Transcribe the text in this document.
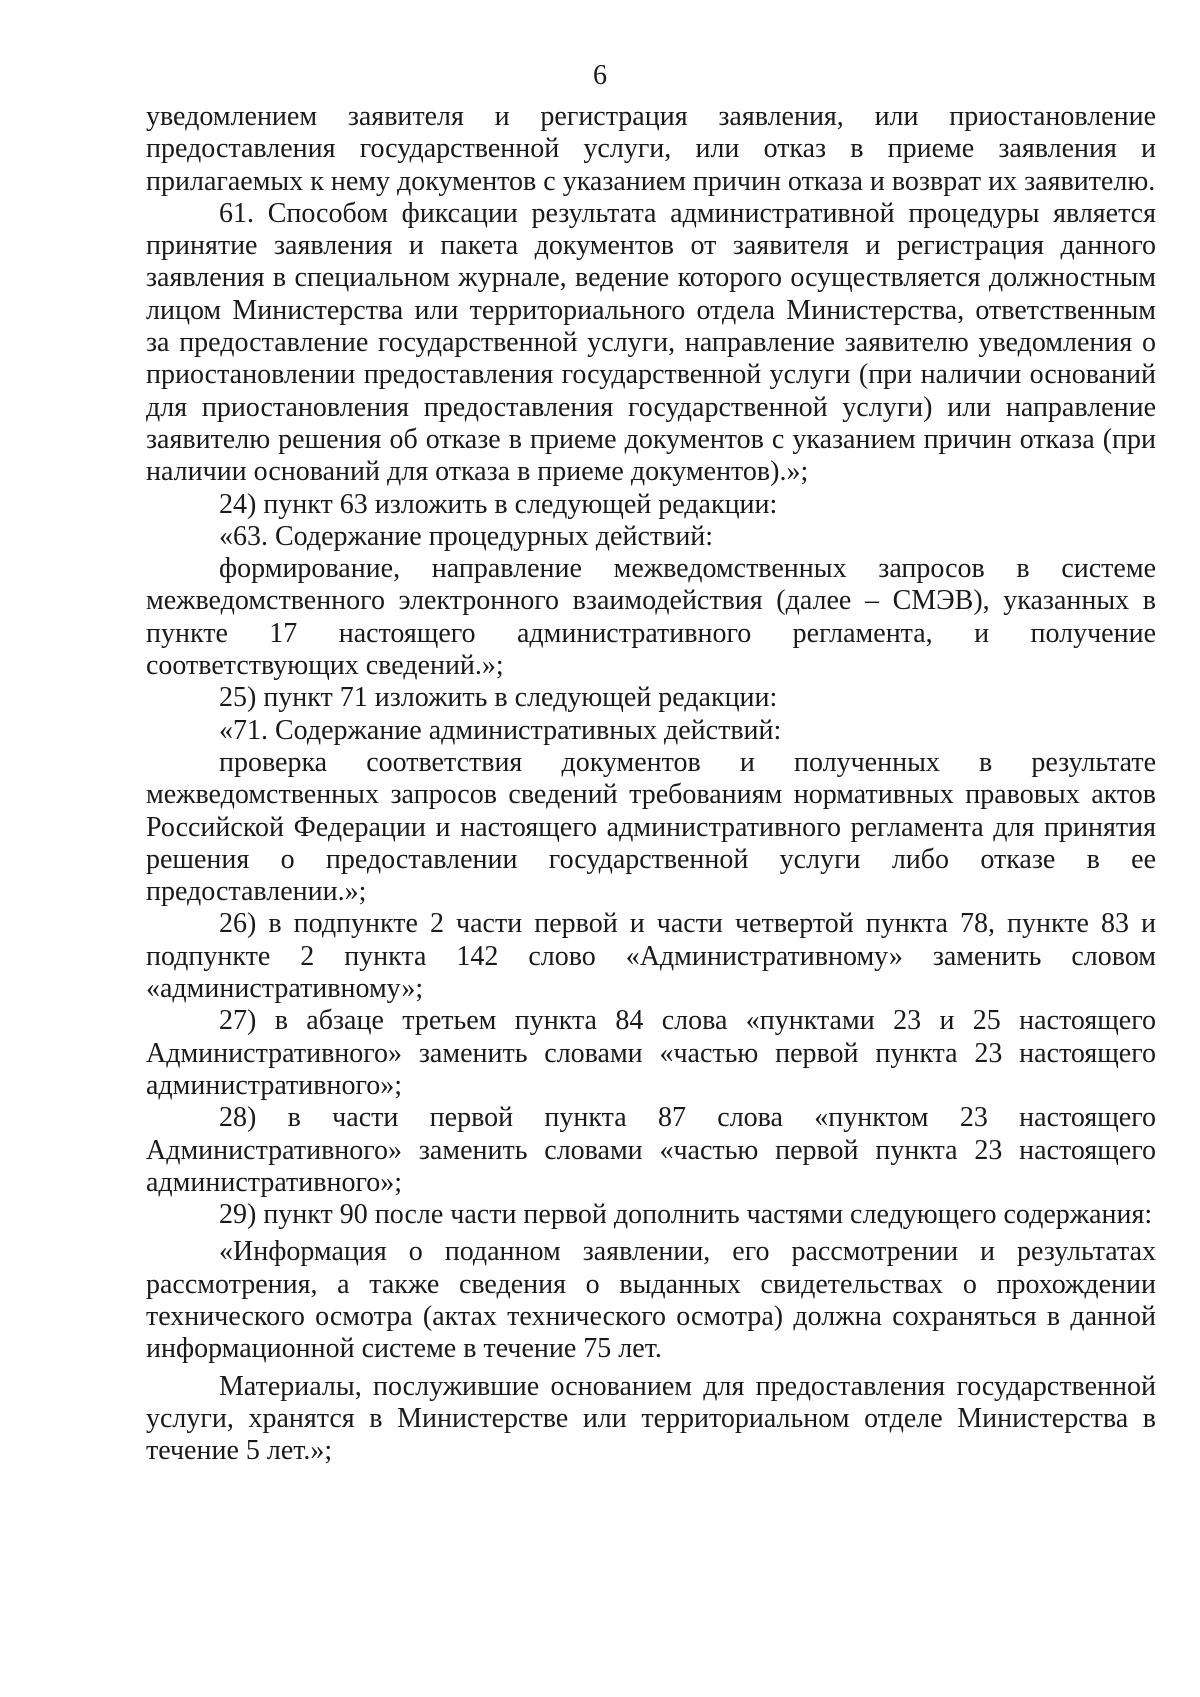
6

уведомлением заявителя и регистрация заявления, или приостановление предоставления государственной услуги, или отказ в приеме заявления и прилагаемых к нему документов с указанием причин отказа и возврат их заявителю.

61. Способом фиксации результата административной процедуры является принятие заявления и пакета документов от заявителя и регистрация данного заявления в специальном журнале, ведение которого осуществляется должностным лицом Министерства или территориального отдела Министерства, ответственным за предоставление государственной услуги, направление заявителю уведомления о приостановлении предоставления государственной услуги (при наличии оснований для приостановления предоставления государственной услуги) или направление заявителю решения об отказе в приеме документов с указанием причин отказа (при наличии оснований для отказа в приеме документов).»;

24) пункт 63 изложить в следующей редакции:

«63. Содержание процедурных действий:

формирование, направление межведомственных запросов в системе межведомственного электронного взаимодействия (далее – СМЭВ), указанных в пункте 17 настоящего административного регламента, и получение соответствующих сведений.»;

25) пункт 71 изложить в следующей редакции:

«71. Содержание административных действий:

проверка соответствия документов и полученных в результате межведомственных запросов сведений требованиям нормативных правовых актов Российской Федерации и настоящего административного регламента для принятия решения о предоставлении государственной услуги либо отказе в ее предоставлении.»;

26) в подпункте 2 части первой и части четвертой пункта 78, пункте 83 и подпункте 2 пункта 142 слово «Административному» заменить словом «административному»;

27) в абзаце третьем пункта 84 слова «пунктами 23 и 25 настоящего Административного» заменить словами «частью первой пункта 23 настоящего административного»;

28) в части первой пункта 87 слова «пунктом 23 настоящего Административного» заменить словами «частью первой пункта 23 настоящего административного»;

29) пункт 90 после части первой дополнить частями следующего содержания:

«Информация о поданном заявлении, его рассмотрении и результатах рассмотрения, а также сведения о выданных свидетельствах о прохождении технического осмотра (актах технического осмотра) должна сохраняться в данной информационной системе в течение 75 лет.

Материалы, послужившие основанием для предоставления государственной услуги, хранятся в Министерстве или территориальном отделе Министерства в течение 5 лет.»;
